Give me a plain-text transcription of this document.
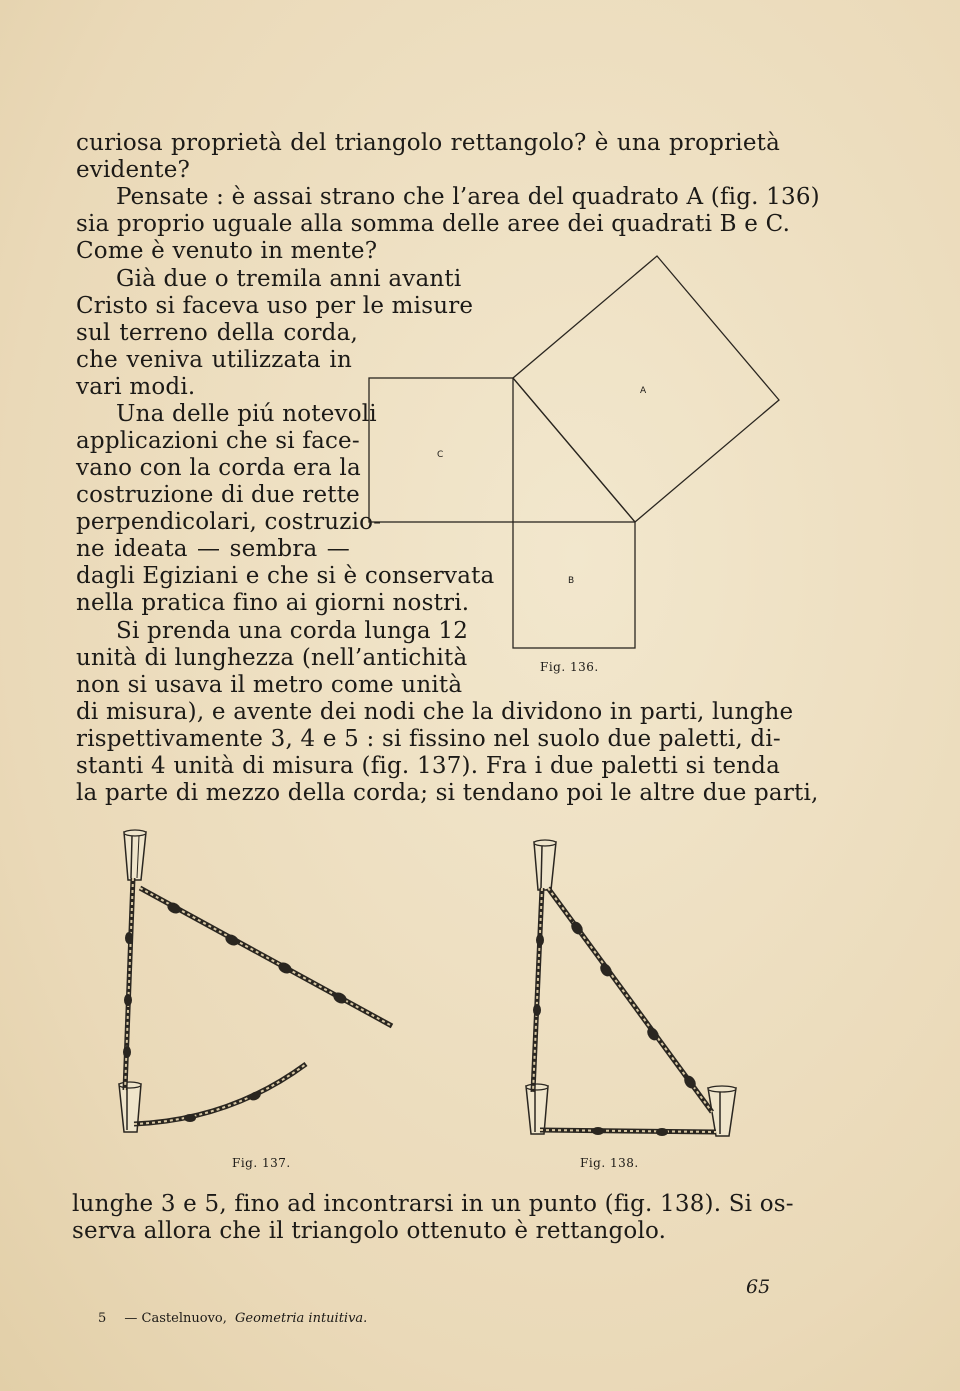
curiosa proprietà del triangolo rettangolo? è una proprietà
evidente?
Pensate : è assai strano che l’area del quadrato A (fig. 136)
sia proprio uguale alla somma delle aree dei quadrati B e C.
Come è venuto in mente?
Già due o tremila anni avanti
Cristo si faceva uso per le misure
sul terreno della corda,
che veniva utilizzata in
vari modi.
Una delle piú notevoli
applicazioni che si face-
vano con la corda era la
costruzione di due rette
perpendicolari, costruzio-
ne ideata — sembra —
dagli Egiziani e che si è conservata
nella pratica fino ai giorni nostri.
Si prenda una corda lunga 12
unità di lunghezza (nell’antichità
non si usava il metro come unità
di misura), e avente dei nodi che la dividono in parti, lunghe
rispettivamente 3, 4 e 5 : si fissino nel suolo due paletti, di-
stanti 4 unità di misura (fig. 137). Fra i due paletti si tenda
la parte di mezzo della corda; si tendano poi le altre due parti,
lunghe 3 e 5, fino ad incontrarsi in un punto (fig. 138). Si os-
serva allora che il triangolo ottenuto è rettangolo.
A
C
B
Fig. 136.
Fig. 137.	Fig. 138.
65
5 — Castelnuovo, Geometria intuitiva.
